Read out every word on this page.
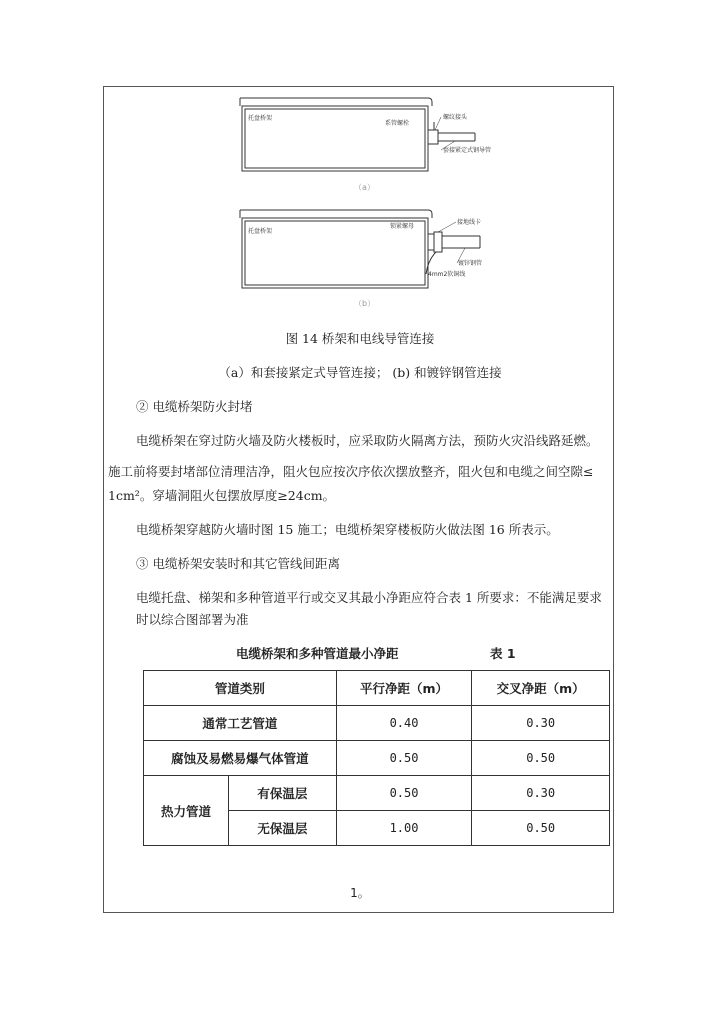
托盘桥架
系管螺栓
螺纹接头
套接紧定式钢导管
（a）
托盘桥架
锁紧螺母
接地线卡
镀锌钢管
4mm2软铜线
（b）
图 14 桥架和电线导管连接
（a）和套接紧定式导管连接； (b) 和镀锌钢管连接
② 电缆桥架防火封堵
电缆桥架在穿过防火墙及防火楼板时，应采取防火隔离方法，预防火灾沿线路延燃。
施工前将要封堵部位清理洁净，阻火包应按次序依次摆放整齐，阻火包和电缆之间空隙≤
1cm²。穿墙洞阻火包摆放厚度≥24cm。
电缆桥架穿越防火墙时图 15 施工；电缆桥架穿楼板防火做法图 16 所表示。
③ 电缆桥架安装时和其它管线间距离
电缆托盘、梯架和多种管道平行或交叉其最小净距应符合表 1 所要求：不能满足要求
时以综合图部署为准
电缆桥架和多种管道最小净距	表 1
管道类别		平行净距（m）	交叉净距（m）
通常工艺管道		0.40	0.30
腐蚀及易燃易爆气体管道		0.50	0.50
热力管道	有保温层	0.50	0.30
	无保温层	1.00	0.50
1。
